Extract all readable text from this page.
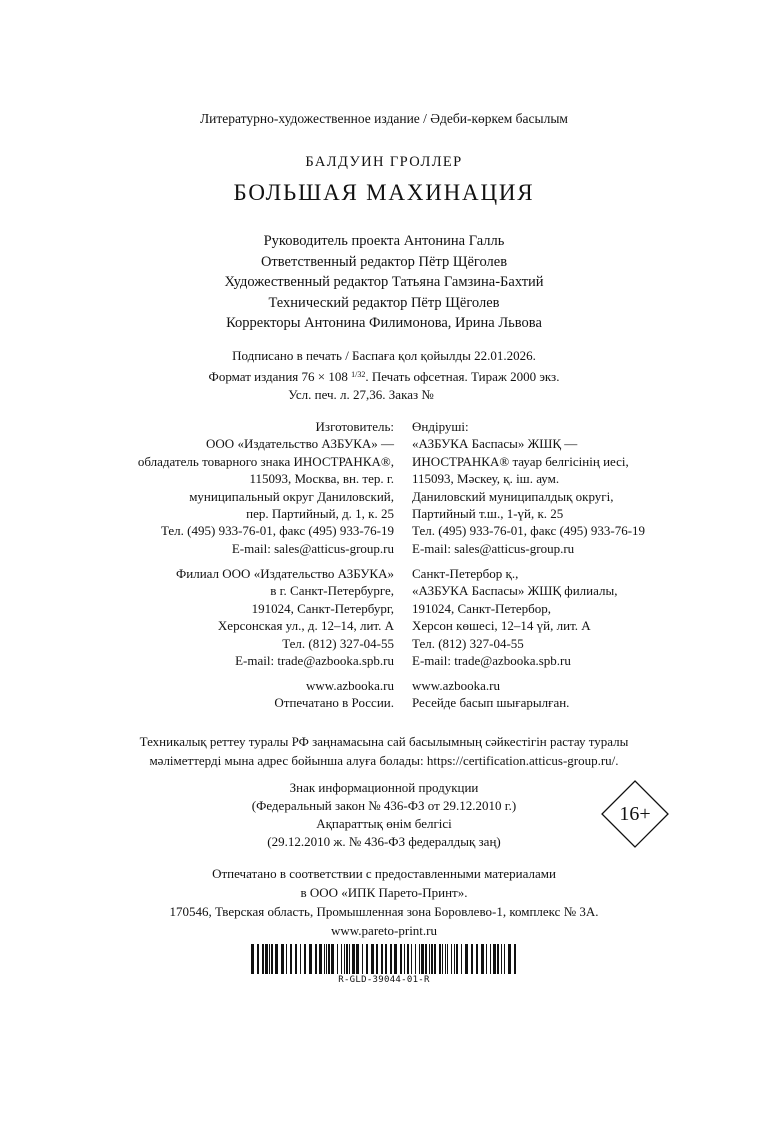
Литературно-художественное издание / Әдеби-көркем басылым
БАЛДУИН ГРОЛЛЕР
БОЛЬШАЯ МАХИНАЦИЯ
Руководитель проекта Антонина Галль
Ответственный редактор Пётр Щёголев
Художественный редактор Татьяна Гамзина-Бахтий
Технический редактор Пётр Щёголев
Корректоры Антонина Филимонова, Ирина Львова
Подписано в печать / Баспаға қол қойылды 22.01.2026.
Формат издания 76 × 108 $^{1/32}$. Печать офсетная. Тираж 2000 экз.
Усл. печ. л. 27,36. Заказ №
Изготовитель:
ООО «Издательство АЗБУКА» —
обладатель товарного знака ИНОСТРАНКА®,
115093, Москва, вн. тер. г.
муниципальный округ Даниловский,
пер. Партийный, д. 1, к. 25
Тел. (495) 933-76-01, факс (495) 933-76-19
E-mail: sales@atticus-group.ru
Өндіруші:
«АЗБУКА Баспасы» ЖШҚ —
ИНОСТРАНКА® тауар белгісінің иесі,
115093, Мәскеу, қ. іш. аум.
Даниловский муниципалдық округі,
Партийный т.ш., 1-үй, к. 25
Тел. (495) 933-76-01, факс (495) 933-76-19
E-mail: sales@atticus-group.ru
Филиал ООО «Издательство АЗБУКА»
в г. Санкт-Петербурге,
191024, Санкт-Петербург,
Херсонская ул., д. 12–14, лит. А
Тел. (812) 327-04-55
E-mail: trade@azbooka.spb.ru
Санкт-Петербор қ.,
«АЗБУКА Баспасы» ЖШҚ филиалы,
191024, Санкт-Петербор,
Херсон көшесі, 12–14 үй, лит. А
Тел. (812) 327-04-55
E-mail: trade@azbooka.spb.ru
www.azbooka.ru
Отпечатано в России.
www.azbooka.ru
Ресейде басып шығарылған.
Техникалық реттеу туралы РФ заңнамасына сай басылымның сәйкестігін растау туралы
мәліметтерді мына адрес бойынша алуға болады: https://certification.atticus-group.ru/.
Знак информационной продукции
(Федеральный закон № 436-ФЗ от 29.12.2010 г.)
Ақпараттық өнім белгісі
(29.12.2010 ж. № 436-ФЗ федералдық заң)
16+
Отпечатано в соответствии с предоставленными материалами
в ООО «ИПК Парето-Принт».
170546, Тверская область, Промышленная зона Боровлево-1, комплекс № 3А.
www.pareto-print.ru
R-GLD-39044-01-R
